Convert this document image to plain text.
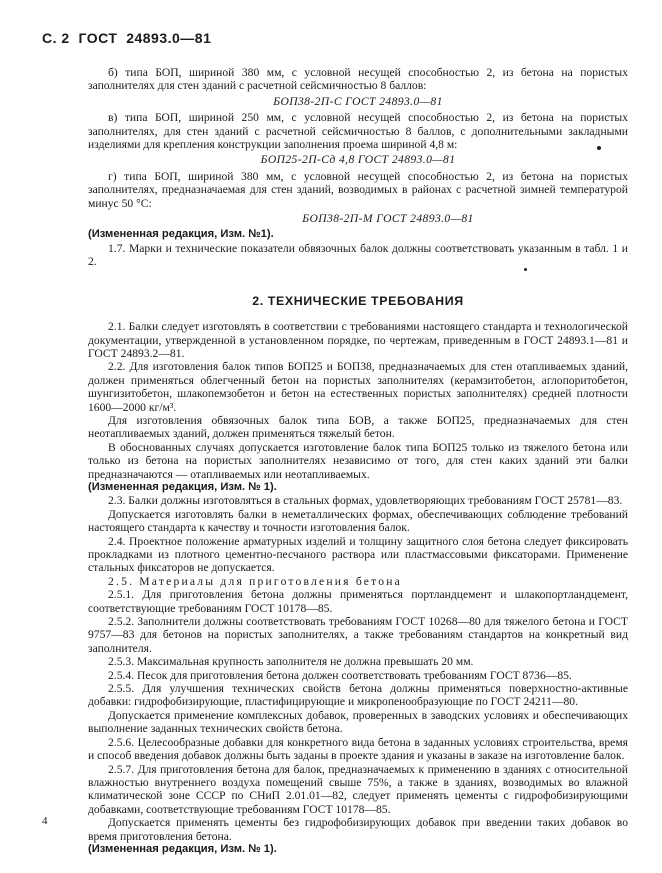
С. 2  ГОСТ  24893.0—81

б) типа БОП, шириной 380 мм, с условной несущей способностью 2, из бетона на пористых заполнителях для стен зданий с расчетной сейсмичностью 8 баллов:

БОП38-2П-С ГОСТ 24893.0—81

в) типа БОП, шириной 250 мм, с условной несущей способностью 2, из бетона на пористых заполнителях, для стен зданий с расчетной сейсмичностью 8 баллов, с дополнительными закладными изделиями для крепления конструкции заполнения проема шириной 4,8 м:

БОП25-2П-Сд 4,8 ГОСТ 24893.0—81

г) типа БОП, шириной 380 мм, с условной несущей способностью 2, из бетона на пористых заполнителях, предназначаемая для стен зданий, возводимых в районах с расчетной зимней температурой минус 50 °С:

БОП38-2П-М ГОСТ 24893.0—81

(Измененная редакция, Изм. №1).

1.7. Марки и технические показатели обвязочных балок должны соответствовать указанным в табл. 1 и 2.

2. ТЕХНИЧЕСКИЕ ТРЕБОВАНИЯ

2.1. Балки следует изготовлять в соответствии с требованиями настоящего стандарта и технологической документации, утвержденной в установленном порядке, по чертежам, приведенным в ГОСТ 24893.1—81 и ГОСТ 24893.2—81.

2.2. Для изготовления балок типов БОП25 и БОП38, предназначаемых для стен отапливаемых зданий, должен применяться облегченный бетон на пористых заполнителях (керамзитобетон, аглопоритобетон, шунгизитобетон, шлакопемзобетон и бетон на естественных пористых заполнителях) средней плотности 1600—2000 кг/м³.

Для изготовления обвязочных балок типа БОВ, а также БОП25, предназначаемых для стен неотапливаемых зданий, должен применяться тяжелый бетон.

В обоснованных случаях допускается изготовление балок типа БОП25 только из тяжелого бетона или только из бетона на пористых заполнителях независимо от того, для стен каких зданий эти балки предназначаются — отапливаемых или неотапливаемых.

(Измененная редакция, Изм. № 1).

2.3. Балки должны изготовляться в стальных формах, удовлетворяющих требованиям ГОСТ 25781—83.

Допускается изготовлять балки в неметаллических формах, обеспечивающих соблюдение требований настоящего стандарта к качеству и точности изготовления балок.

2.4. Проектное положение арматурных изделий и толщину защитного слоя бетона следует фиксировать прокладками из плотного цементно-песчаного раствора или пластмассовыми фиксаторами. Применение стальных фиксаторов не допускается.

2.5. Материалы для приготовления бетона

2.5.1. Для приготовления бетона должны применяться портландцемент и шлакопортландцемент, соответствующие требованиям ГОСТ 10178—85.

2.5.2. Заполнители должны соответствовать требованиям ГОСТ 10268—80 для тяжелого бетона и ГОСТ 9757—83 для бетонов на пористых заполнителях, а также требованиям стандартов на конкретный вид заполнителя.

2.5.3. Максимальная крупность заполнителя не должна превышать 20 мм.

2.5.4. Песок для приготовления бетона должен соответствовать требованиям ГОСТ 8736—85.

2.5.5. Для улучшения технических свойств бетона должны применяться поверхностно-активные добавки: гидрофобизирующие, пластифицирующие и микропенообразующие по ГОСТ 24211—80.

Допускается применение комплексных добавок, проверенных в заводских условиях и обеспечивающих выполнение заданных технических свойств бетона.

2.5.6. Целесообразные добавки для конкретного вида бетона в заданных условиях строительства, время и способ введения добавок должны быть заданы в проекте здания и указаны в заказе на изготовление балок.

2.5.7. Для приготовления бетона для балок, предназначаемых к применению в зданиях с относительной влажностью внутреннего воздуха помещений свыше 75%, а также в зданиях, возводимых во влажной климатической зоне СССР по СНиП 2.01.01—82, следует применять цементы с гидрофобизирующими добавками, соответствующие требованиям ГОСТ 10178—85.

Допускается применять цементы без гидрофобизирующих добавок при введении таких добавок во время приготовления бетона.

(Измененная редакция, Изм. № 1).

4
